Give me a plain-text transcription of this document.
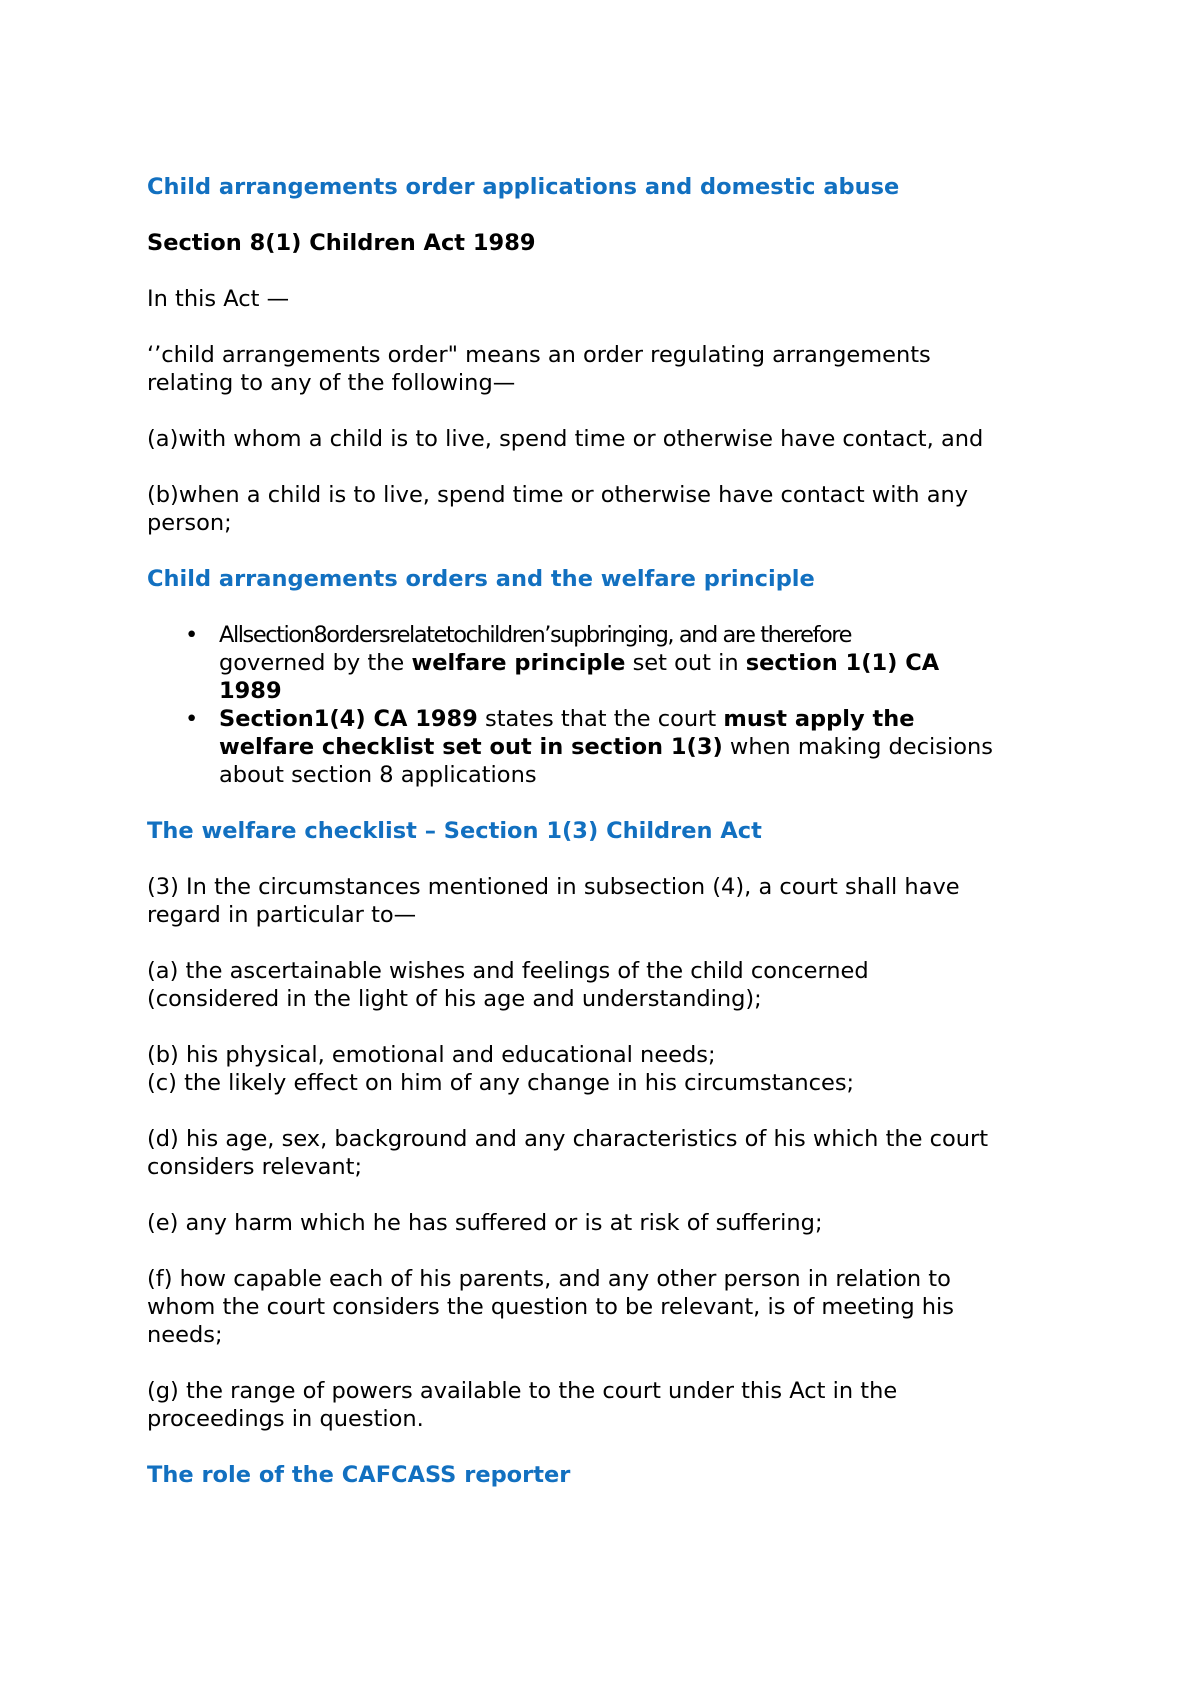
Child arrangements order applications and domestic abuse

Section 8(1) Children Act 1989

In this Act —

‘’child arrangements order" means an order regulating arrangements

relating to any of the following—

(a)with whom a child is to live, spend time or otherwise have contact, and

(b)when a child is to live, spend time or otherwise have contact with any

person;

Child arrangements orders and the welfare principle

• Allsection8ordersrelatetochildren’supbringing, and are therefore
governed by the welfare principle set out in section 1(1) CA
1989
• Section1(4) CA 1989 states that the court must apply the
welfare checklist set out in section 1(3) when making decisions
about section 8 applications

The welfare checklist – Section 1(3) Children Act

(3) In the circumstances mentioned in subsection (4), a court shall have

regard in particular to—

(a) the ascertainable wishes and feelings of the child concerned

(considered in the light of his age and understanding);

(b) his physical, emotional and educational needs;

(c) the likely effect on him of any change in his circumstances;

(d) his age, sex, background and any characteristics of his which the court

considers relevant;

(e) any harm which he has suffered or is at risk of suffering;

(f) how capable each of his parents, and any other person in relation to

whom the court considers the question to be relevant, is of meeting his

needs;

(g) the range of powers available to the court under this Act in the

proceedings in question.

The role of the CAFCASS reporter
